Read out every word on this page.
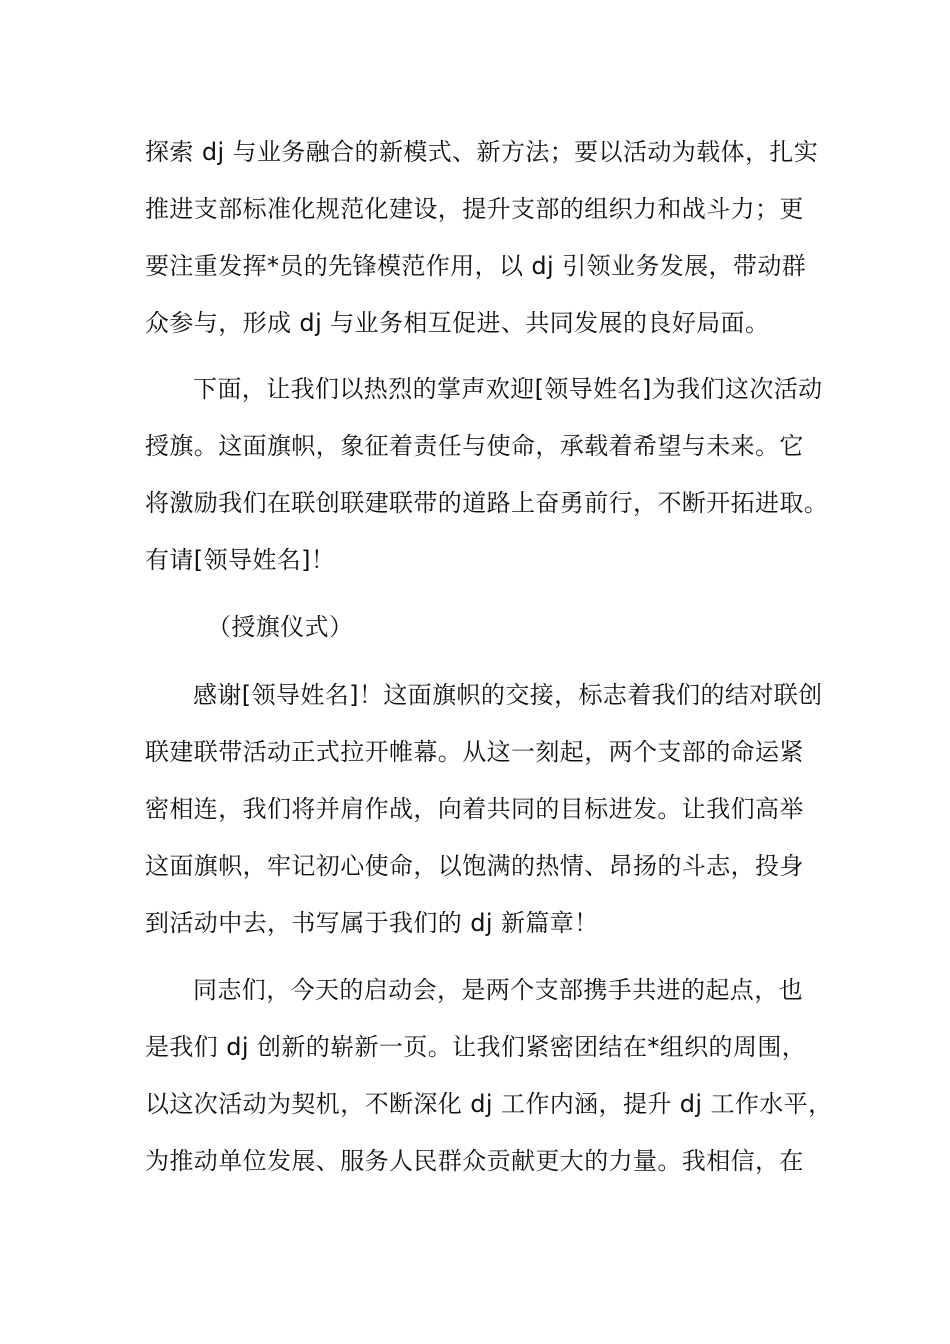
探索 dj 与业务融合的新模式、新方法；要以活动为载体，扎实
推进支部标准化规范化建设，提升支部的组织力和战斗力；更
要注重发挥*员的先锋模范作用，以 dj 引领业务发展，带动群
众参与，形成 dj 与业务相互促进、共同发展的良好局面。
下面，让我们以热烈的掌声欢迎[领导姓名]为我们这次活动
授旗。这面旗帜，象征着责任与使命，承载着希望与未来。它
将激励我们在联创联建联带的道路上奋勇前行，不断开拓进取。
有请[领导姓名]！
（授旗仪式）
感谢[领导姓名]！这面旗帜的交接，标志着我们的结对联创
联建联带活动正式拉开帷幕。从这一刻起，两个支部的命运紧
密相连，我们将并肩作战，向着共同的目标进发。让我们高举
这面旗帜，牢记初心使命，以饱满的热情、昂扬的斗志，投身
到活动中去，书写属于我们的 dj 新篇章！
同志们，今天的启动会，是两个支部携手共进的起点，也
是我们 dj 创新的崭新一页。让我们紧密团结在*组织的周围，
以这次活动为契机，不断深化 dj 工作内涵，提升 dj 工作水平，
为推动单位发展、服务人民群众贡献更大的力量。我相信，在
